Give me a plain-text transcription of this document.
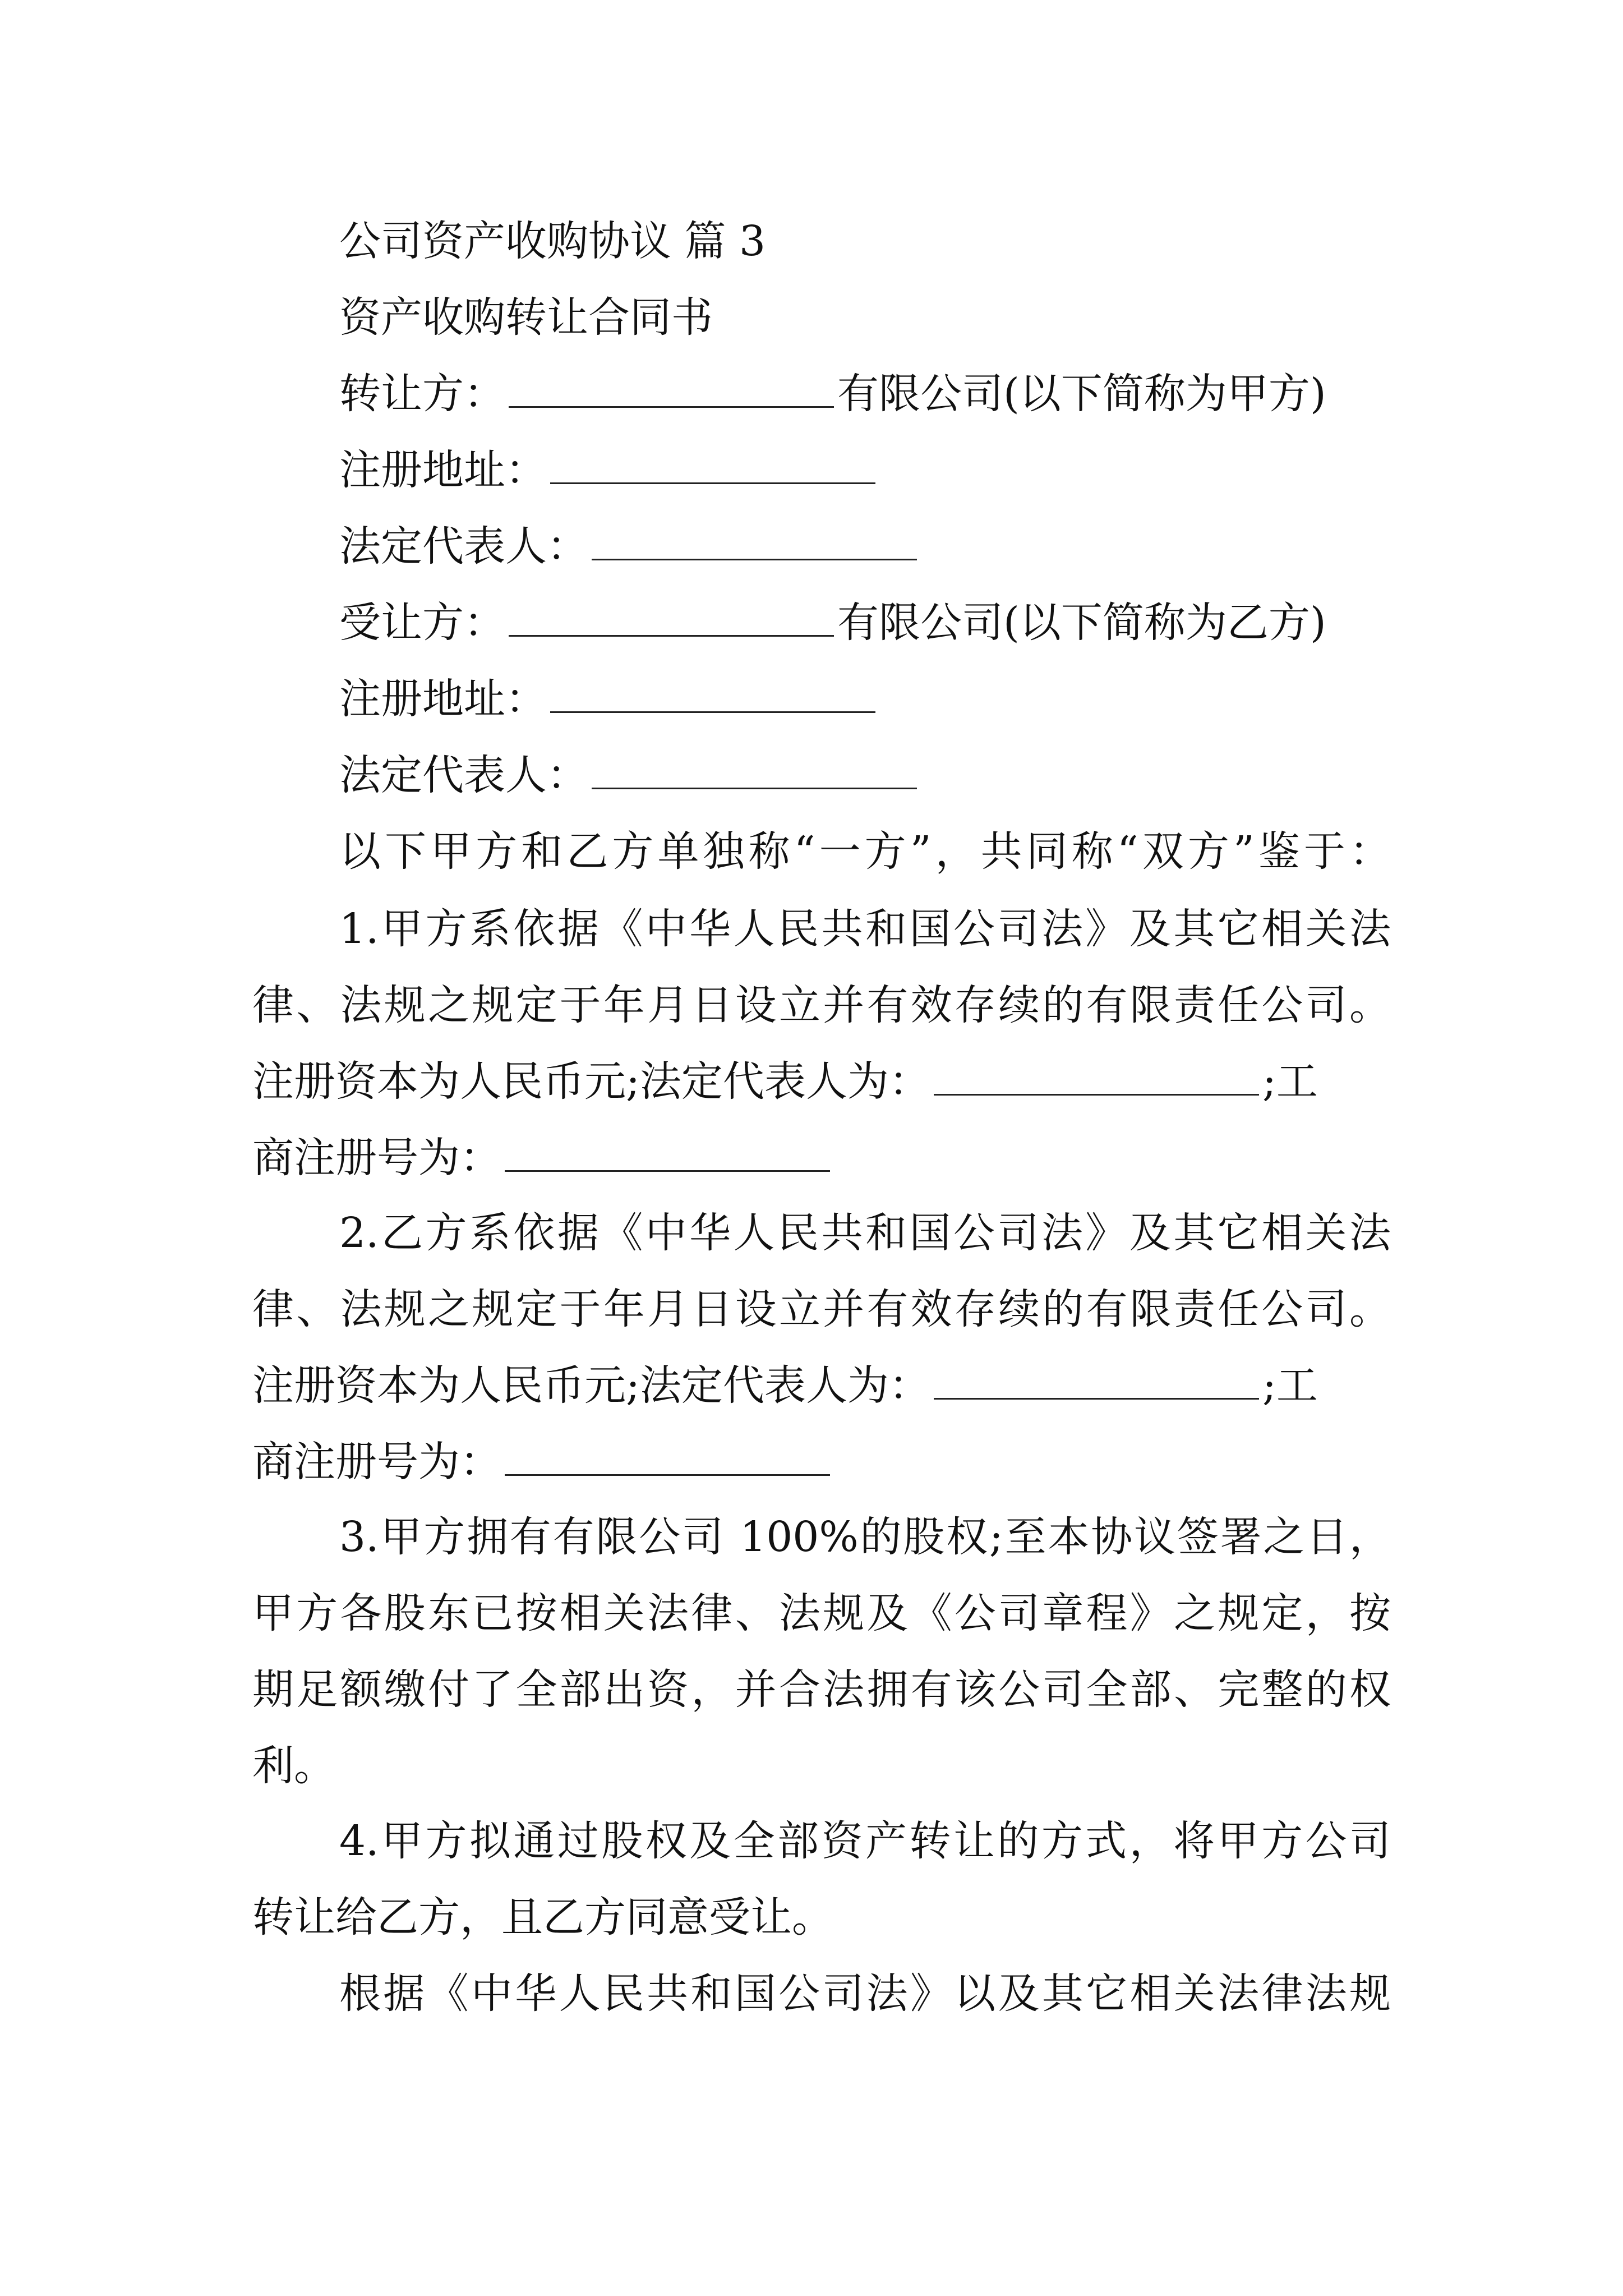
公司资产收购协议 篇 3
资产收购转让合同书
转让方：	有限公司(以下简称为甲方)
注册地址：
法定代表人：
受让方：	有限公司(以下简称为乙方)
注册地址：
法定代表人：
以下甲方和乙方单独称“一方”，共同称“双方”鉴于：
1.甲方系依据《中华人民共和国公司法》及其它相关法
律、法规之规定于年月日设立并有效存续的有限责任公司。
注册资本为人民币元;法定代表人为：	;工
商注册号为：
2.乙方系依据《中华人民共和国公司法》及其它相关法
律、法规之规定于年月日设立并有效存续的有限责任公司。
注册资本为人民币元;法定代表人为：	;工
商注册号为：
3.甲方拥有有限公司 100%的股权;至本协议签署之日，
甲方各股东已按相关法律、法规及《公司章程》之规定，按
期足额缴付了全部出资，并合法拥有该公司全部、完整的权
利。
4.甲方拟通过股权及全部资产转让的方式，将甲方公司
转让给乙方，且乙方同意受让。
根据《中华人民共和国公司法》以及其它相关法律法规
